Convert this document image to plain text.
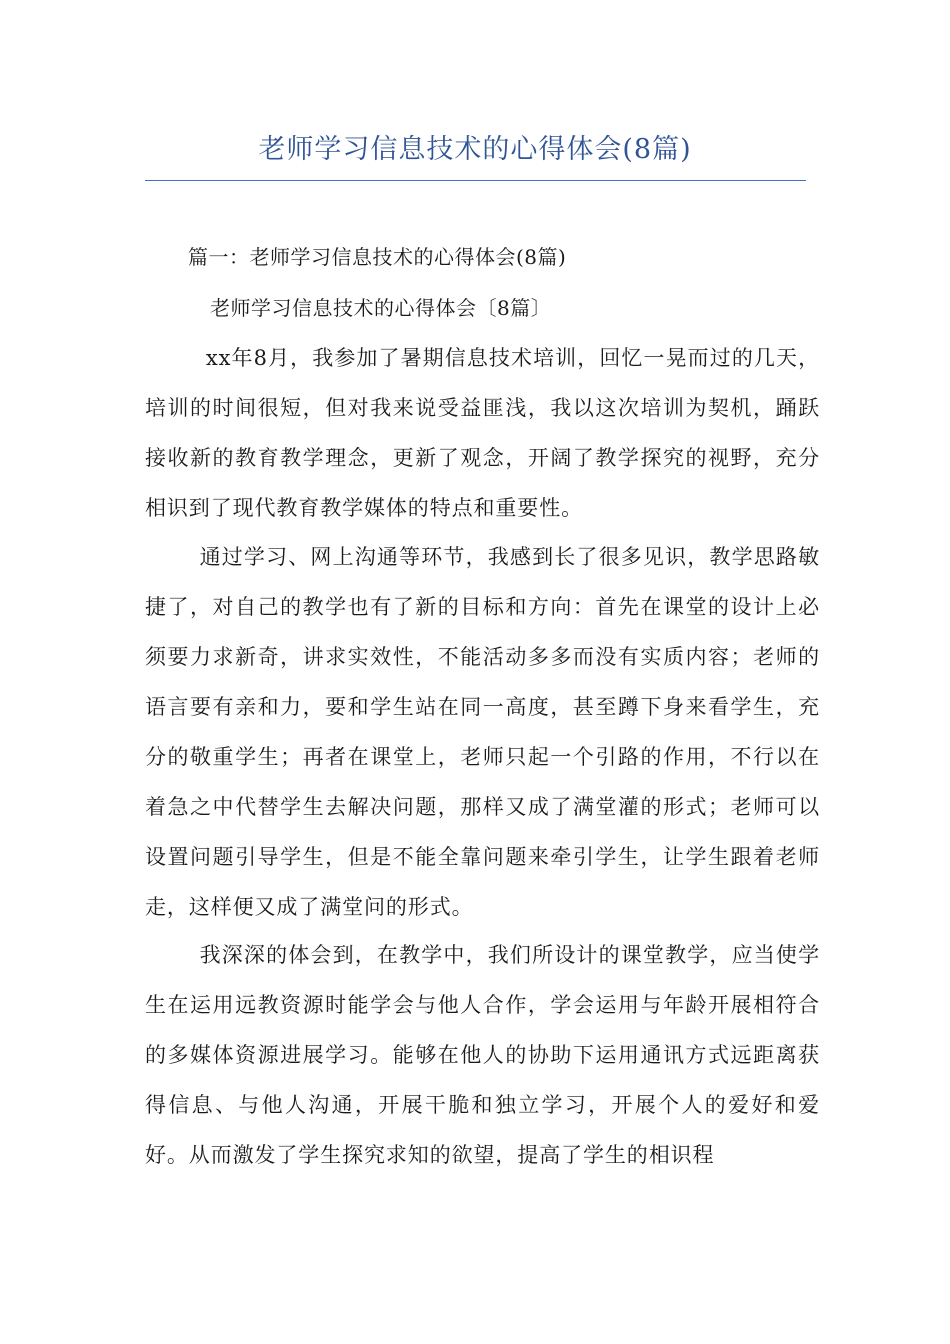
老师学习信息技术的心得体会(8篇)
篇一：老师学习信息技术的心得体会(8篇)
老师学习信息技术的心得体会〔8篇〕

xx年8月，我参加了暑期信息技术培训，回忆一晃而过的几天，培训的时间很短，但对我来说受益匪浅，我以这次培训为契机，踊跃接收新的教育教学理念，更新了观念，开阔了教学探究的视野，充分相识到了现代教育教学媒体的特点和重要性。

通过学习、网上沟通等环节，我感到长了很多见识，教学思路敏捷了，对自己的教学也有了新的目标和方向：首先在课堂的设计上必须要力求新奇，讲求实效性，不能活动多多而没有实质内容；老师的语言要有亲和力，要和学生站在同一高度，甚至蹲下身来看学生，充分的敬重学生；再者在课堂上，老师只起一个引路的作用，不行以在着急之中代替学生去解决问题，那样又成了满堂灌的形式；老师可以设置问题引导学生，但是不能全靠问题来牵引学生，让学生跟着老师走，这样便又成了满堂问的形式。

我深深的体会到，在教学中，我们所设计的课堂教学，应当使学生在运用远教资源时能学会与他人合作，学会运用与年龄开展相符合的多媒体资源进展学习。能够在他人的协助下运用通讯方式远距离获得信息、与他人沟通，开展干脆和独立学习，开展个人的爱好和爱好。从而激发了学生探究求知的欲望，提高了学生的相识程
